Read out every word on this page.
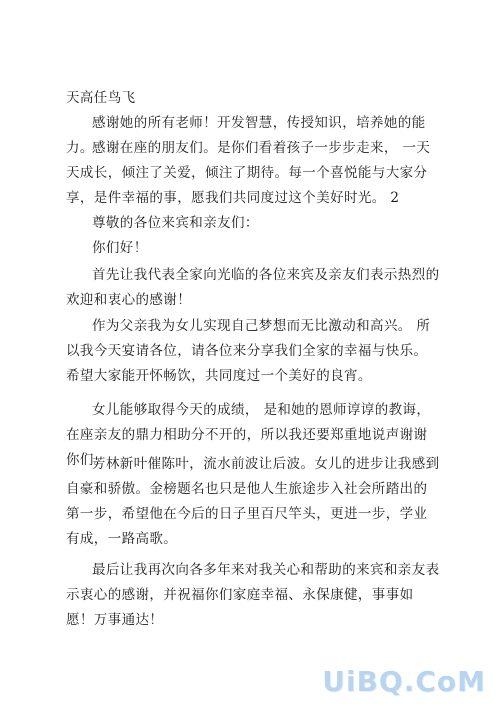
天高任鸟飞

感谢她的所有老师！开发智慧，传授知识，培养她的能力。

感谢在座的朋友们。是你们看着孩子一步步走来， 一天天成长，倾注了关爱，倾注了期待。每一个喜悦能与大家分享，是件幸福的事，愿我们共同度过这个美好时光。 2

尊敬的各位来宾和亲友们：

你们好！

首先让我代表全家向光临的各位来宾及亲友们表示热烈的欢迎和衷心的感谢！

作为父亲我为女儿实现自己梦想而无比激动和高兴。 所以我今天宴请各位，请各位来分享我们全家的幸福与快乐。 希望大家能开怀畅饮，共同度过一个美好的良宵。

女儿能够取得今天的成绩， 是和她的恩师谆谆的教诲， 在座亲友的鼎力相助分不开的，所以我还要郑重地说声谢谢你们。

芳林新叶催陈叶，流水前波让后波。女儿的进步让我感到自豪和骄傲。金榜题名也只是他人生旅途步入社会所踏出的第一步，希望他在今后的日子里百尺竿头，更进一步，学业有成，一路高歌。

最后让我再次向各多年来对我关心和帮助的来宾和亲友表示衷心的感谢，并祝福你们家庭幸福、永保康健，事事如愿！万事通达！

UiBQ.CoM
